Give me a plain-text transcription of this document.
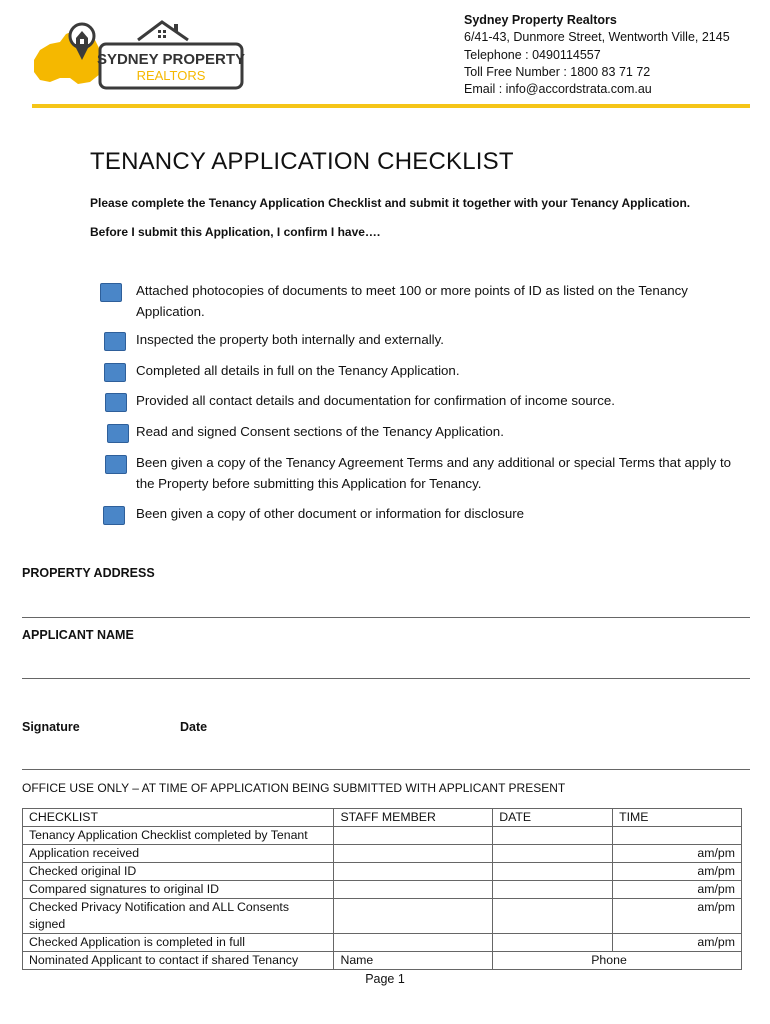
SYDNEY PROPERTY
REALTORS
Sydney Property Realtors
6/41-43, Dunmore Street, Wentworth Ville, 2145
Telephone : 0490114557
Toll Free Number : 1800 83 71 72
Email : info@accordstrata.com.au
TENANCY APPLICATION CHECKLIST
Please complete the Tenancy Application Checklist and submit it together with your Tenancy Application.
Before I submit this Application, I confirm I have….
Attached photocopies of documents to meet 100 or more points of ID as listed on the Tenancy Application.
Inspected the property both internally and externally.
Completed all details in full on the Tenancy Application.
Provided all contact details and documentation for confirmation of income source.
Read and signed Consent sections of the Tenancy Application.
Been given a copy of the Tenancy Agreement Terms and any additional or special Terms that apply to the Property before submitting this Application for Tenancy.
Been given a copy of other document or information for disclosure
PROPERTY ADDRESS
APPLICANT NAME
Signature	Date
OFFICE USE ONLY – AT TIME OF APPLICATION BEING SUBMITTED WITH APPLICANT PRESENT
CHECKLIST	STAFF MEMBER	DATE	TIME
Tenancy Application Checklist completed by Tenant			
Application received			am/pm
Checked original ID			am/pm
Compared signatures to original ID			am/pm
Checked Privacy Notification and ALL Consents signed			am/pm
Checked Application is completed in full			am/pm
Nominated Applicant to contact if shared Tenancy	Name	Phone	
Page 1
